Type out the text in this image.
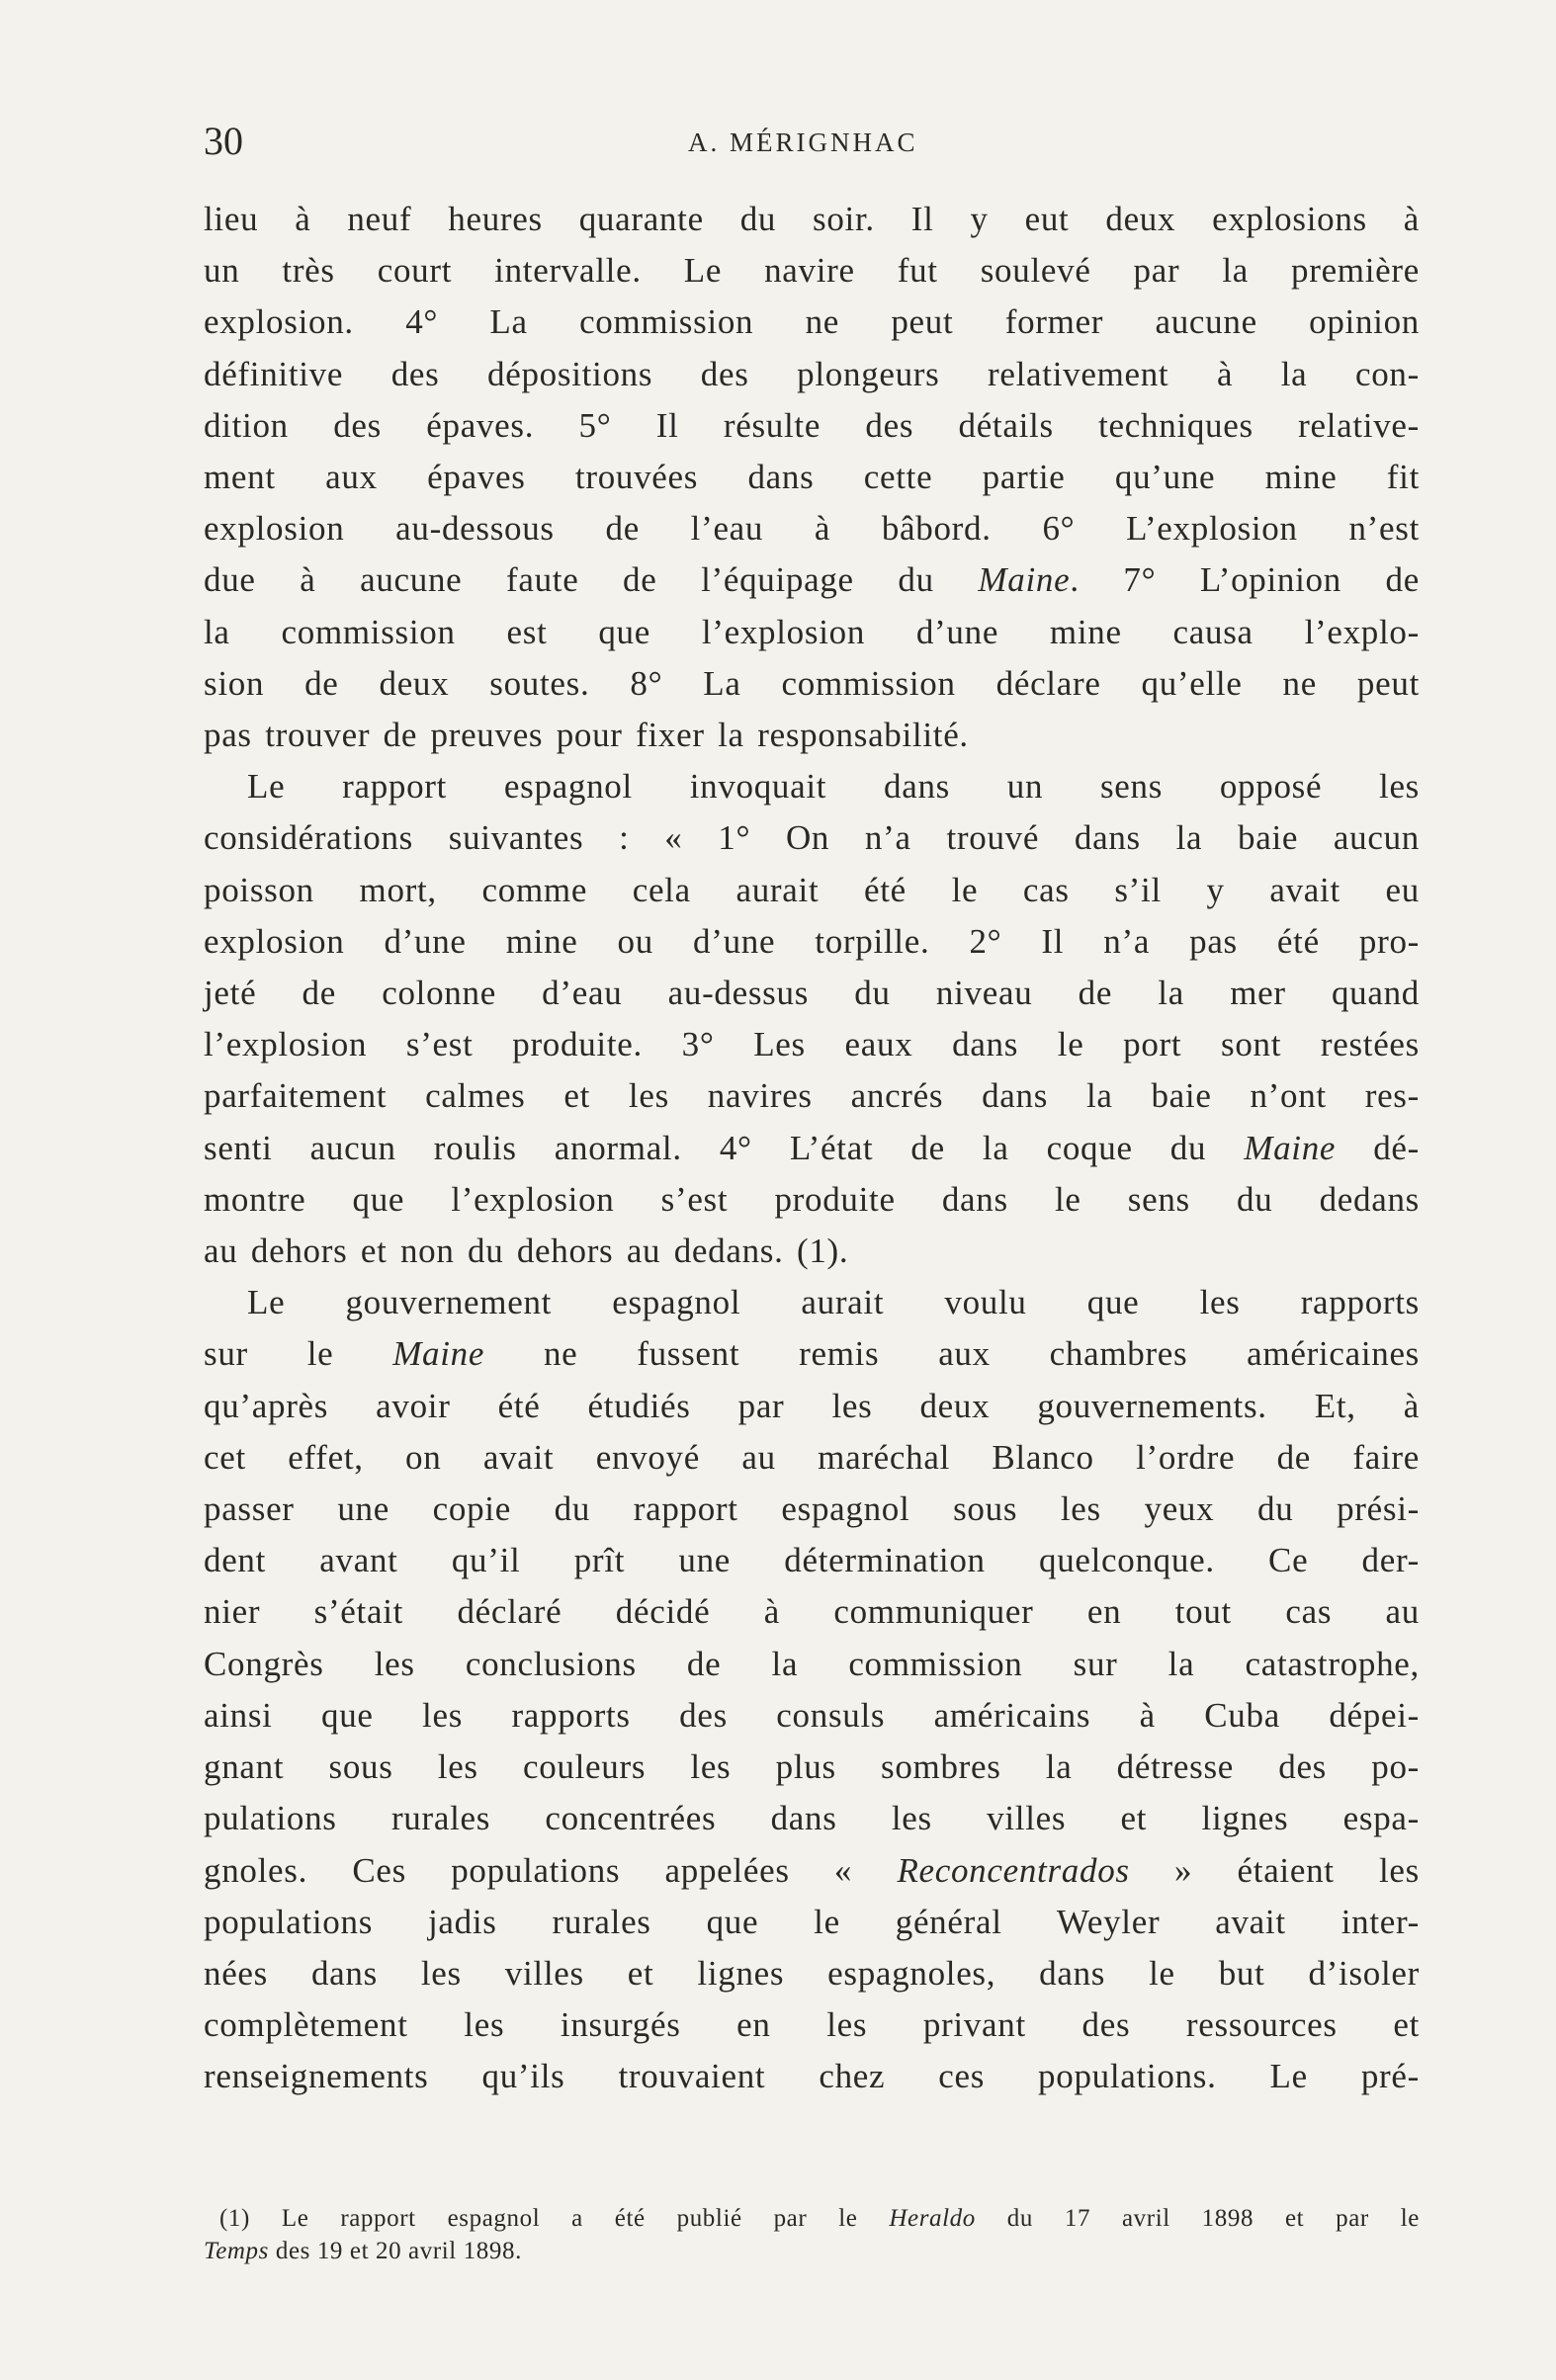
30	A. MÉRIGNHAC
lieu à neuf heures quarante du soir. Il y eut deux explosions à
un très court intervalle. Le navire fut soulevé par la première
explosion. 4° La commission ne peut former aucune opinion
définitive des dépositions des plongeurs relativement à la con-
dition des épaves. 5° Il résulte des détails techniques relative-
ment aux épaves trouvées dans cette partie qu’une mine fit
explosion au-dessous de l’eau à bâbord. 6° L’explosion n’est
due à aucune faute de l’équipage du Maine. 7° L’opinion de
la commission est que l’explosion d’une mine causa l’explo-
sion de deux soutes. 8° La commission déclare qu’elle ne peut
pas trouver de preuves pour fixer la responsabilité.
Le rapport espagnol invoquait dans un sens opposé les
considérations suivantes : « 1° On n’a trouvé dans la baie aucun
poisson mort, comme cela aurait été le cas s’il y avait eu
explosion d’une mine ou d’une torpille. 2° Il n’a pas été pro-
jeté de colonne d’eau au-dessus du niveau de la mer quand
l’explosion s’est produite. 3° Les eaux dans le port sont restées
parfaitement calmes et les navires ancrés dans la baie n’ont res-
senti aucun roulis anormal. 4° L’état de la coque du Maine dé-
montre que l’explosion s’est produite dans le sens du dedans
au dehors et non du dehors au dedans. (1).
Le gouvernement espagnol aurait voulu que les rapports
sur le Maine ne fussent remis aux chambres américaines
qu’après avoir été étudiés par les deux gouvernements. Et, à
cet effet, on avait envoyé au maréchal Blanco l’ordre de faire
passer une copie du rapport espagnol sous les yeux du prési-
dent avant qu’il prît une détermination quelconque. Ce der-
nier s’était déclaré décidé à communiquer en tout cas au
Congrès les conclusions de la commission sur la catastrophe,
ainsi que les rapports des consuls américains à Cuba dépei-
gnant sous les couleurs les plus sombres la détresse des po-
pulations rurales concentrées dans les villes et lignes espa-
gnoles. Ces populations appelées « Reconcentrados » étaient les
populations jadis rurales que le général Weyler avait inter-
nées dans les villes et lignes espagnoles, dans le but d’isoler
complètement les insurgés en les privant des ressources et
renseignements qu’ils trouvaient chez ces populations. Le pré-
(1) Le rapport espagnol a été publié par le Heraldo du 17 avril 1898 et par le
Temps des 19 et 20 avril 1898.
